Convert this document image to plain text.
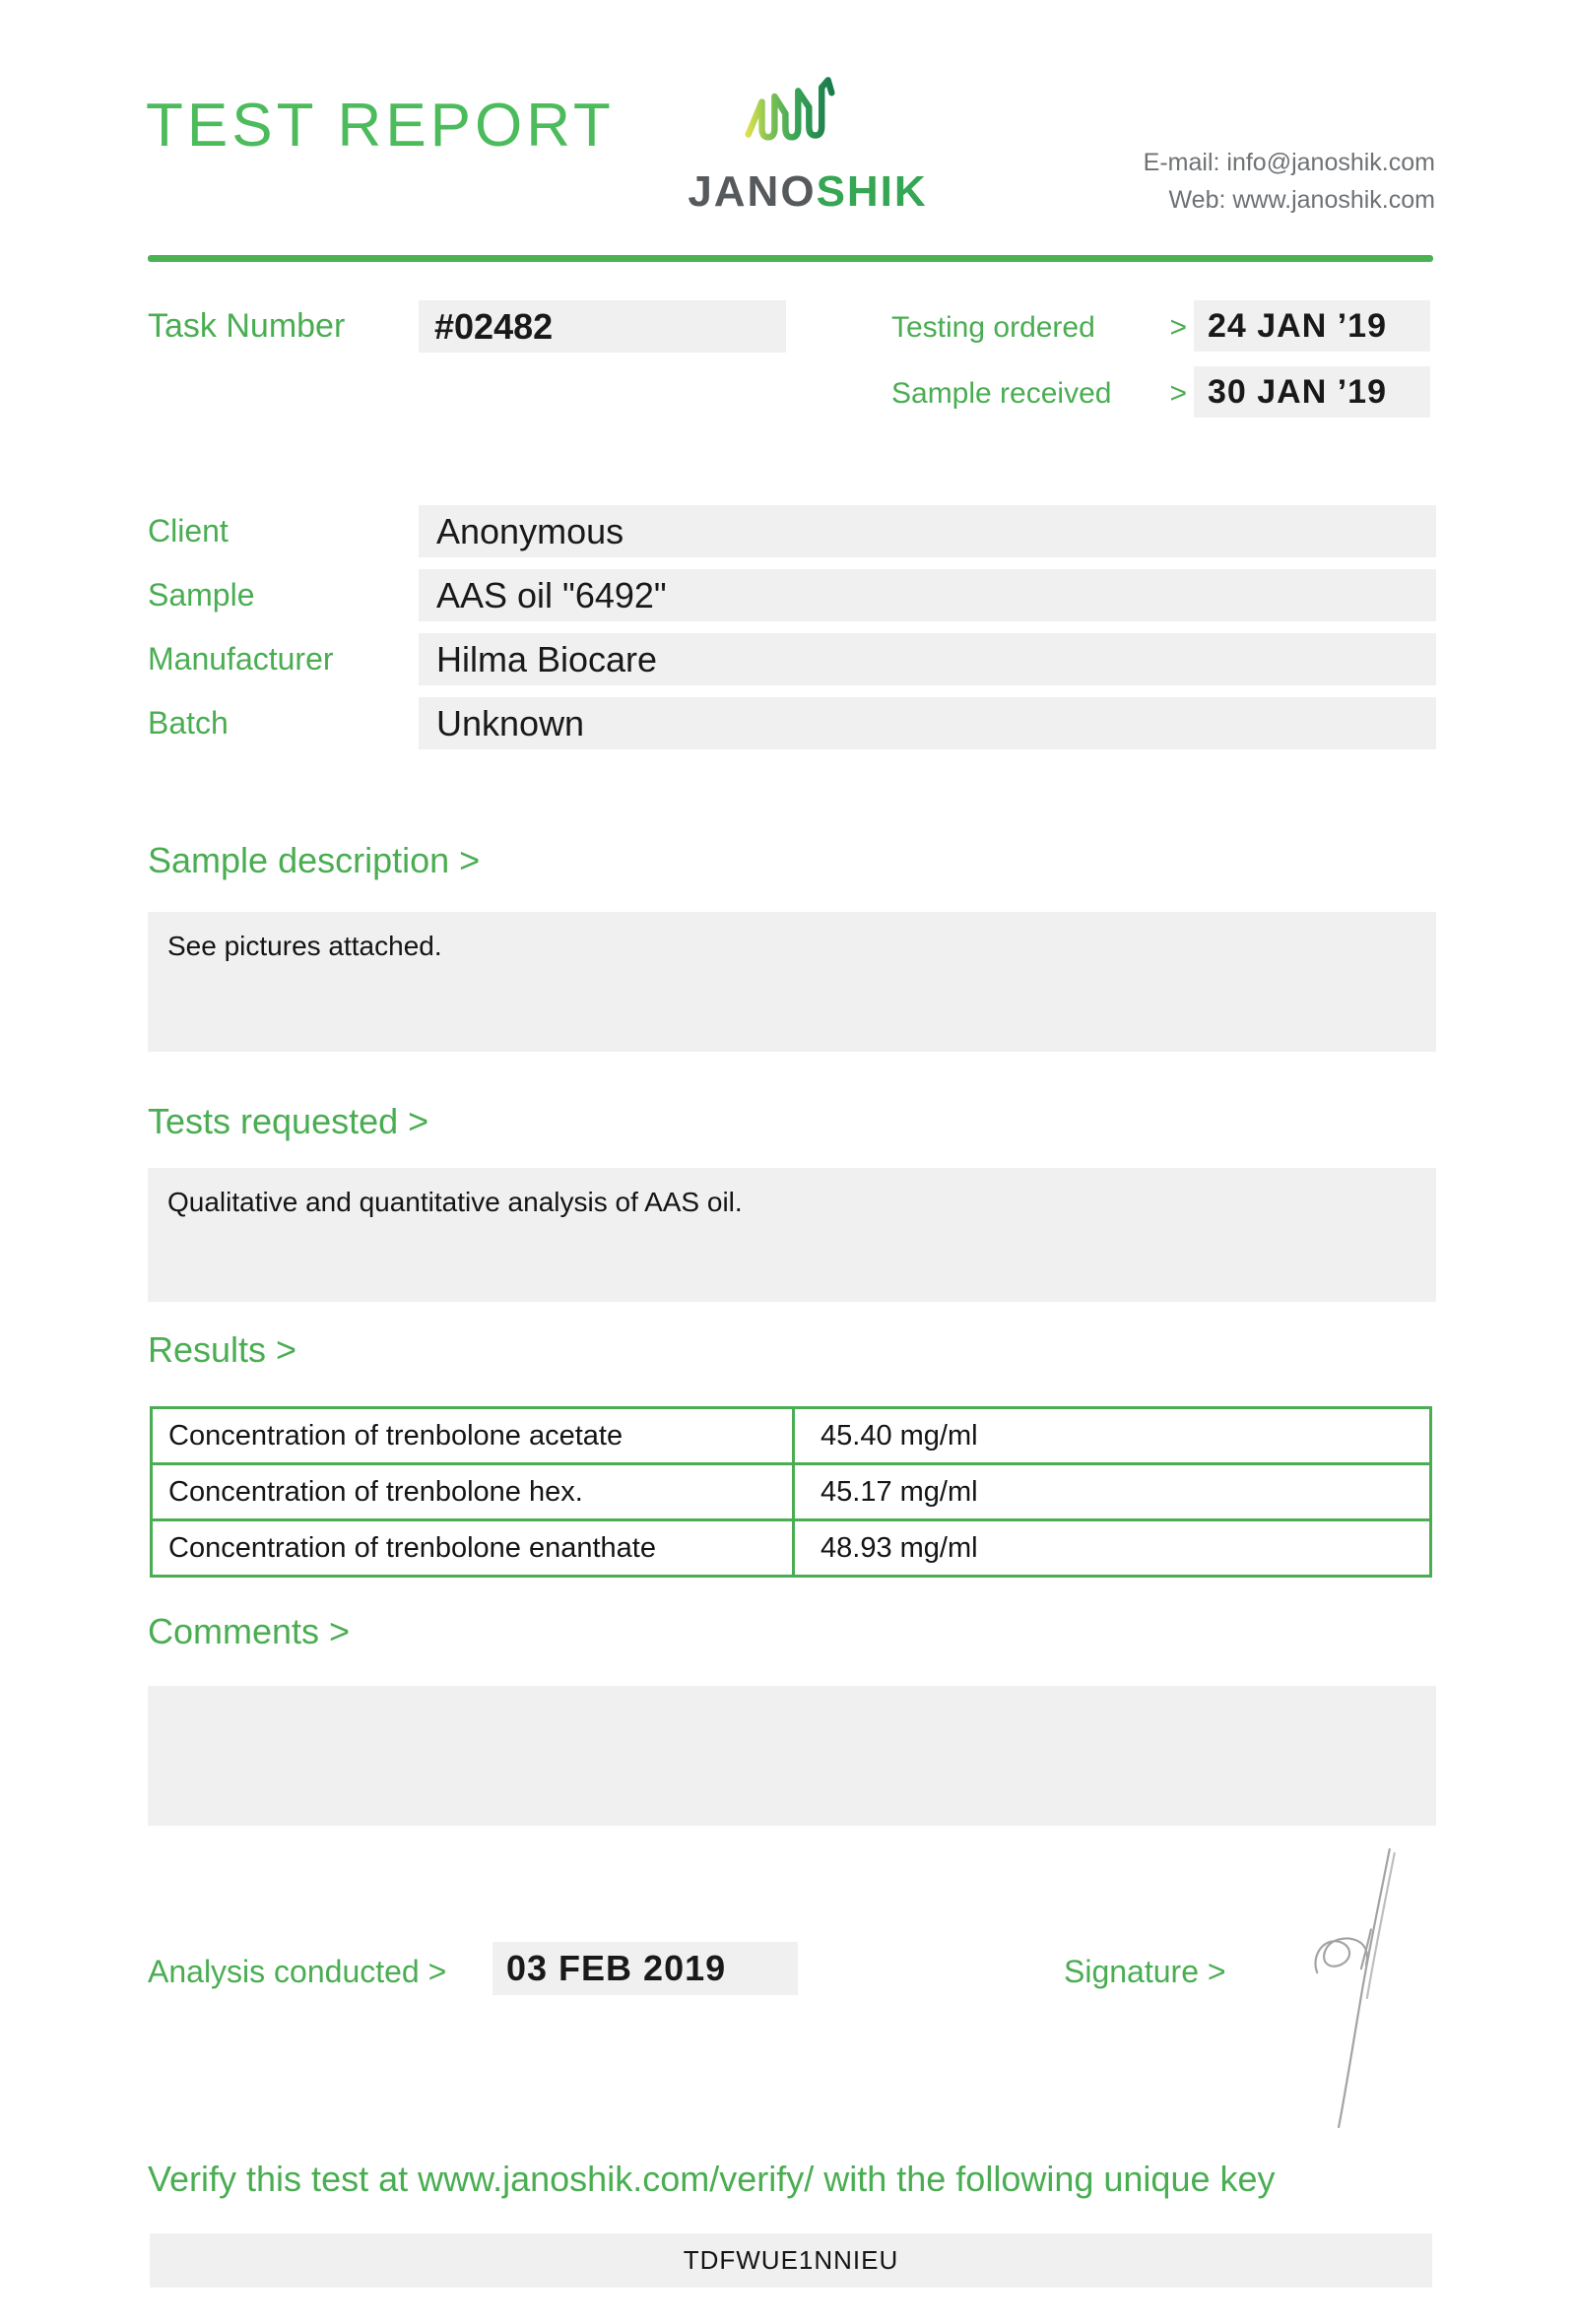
TEST REPORT
JANOSHIK
E-mail: info@janoshik.com
Web: www.janoshik.com
Task Number	#02482	Testing ordered	> 24 JAN ’19
Sample received > 30 JAN ’19
Client	Anonymous
Sample	AAS oil "6492"
Manufacturer	Hilma Biocare
Batch	Unknown
Sample description >
See pictures attached.
Tests requested >
Qualitative and quantitative analysis of AAS oil.
Results >
Concentration of trenbolone acetate	45.40 mg/ml
Concentration of trenbolone hex.	45.17 mg/ml
Concentration of trenbolone enanthate	48.93 mg/ml
Comments >
Analysis conducted >	03 FEB 2019	Signature >
Verify this test at www.janoshik.com/verify/ with the following unique key
TDFWUE1NNIEU
